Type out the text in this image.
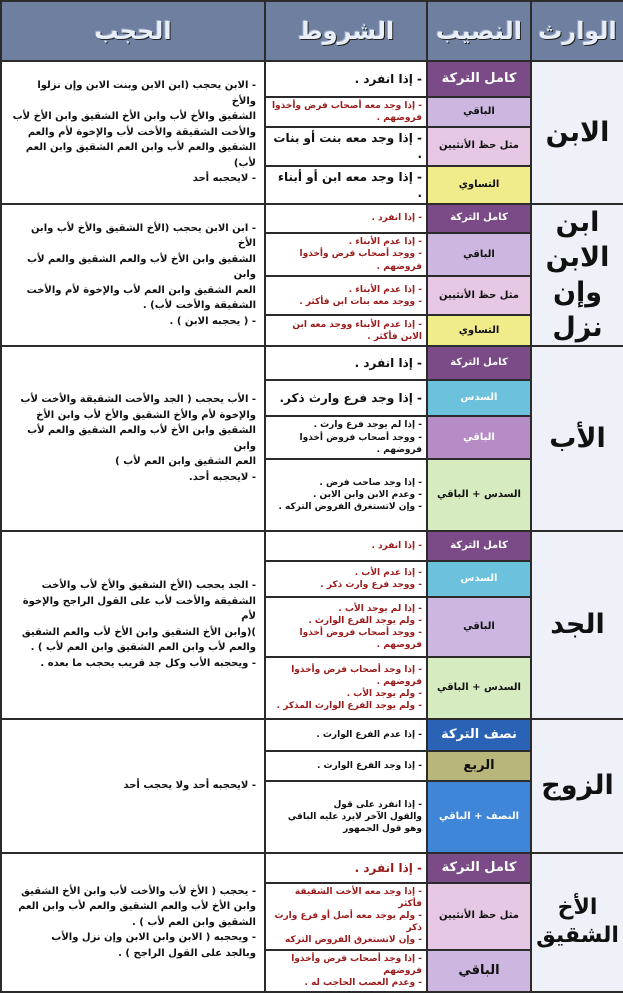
الوارث	النصيب	الشروط	الحجب
الابن	كامل التركة	- إذا انفرد .	- الابن يحجب (ابن الابن وبنت الابن وإن نزلوا والأخ
الشقيق والأخ لأب وابن الأخ الشقيق وابن الأخ لأب
والأخت الشقيقة والأخت لأب والإخوة لأم والعم
الشقيق والعم لأب وابن العم الشقيق وابن العم لأب)
- لايحجبه أحد

	الباقي	- إذا وجد معه أصحاب فرض وأخذوا فروضهم .	

	مثل حظ الأنثيين	- إذا وجد معه بنت أو بنات .	

	التساوي	- إذا وجد معه ابن أو أبناء .	

ابن الابن وإن نزل	كامل التركة	- إذا انفرد .	- ابن الابن يحجب (الأخ الشقيق والأخ لأب وابن الأخ
الشقيق وابن الأخ لأب والعم الشقيق والعم لأب وابن
العم الشقيق وابن العم لأب والإخوة لأم والأخت
الشقيقة والأخت لأب) .
- ( يحجبه الابن ) .

	الباقي	- إذا عدم الأبناء .
- ووجد أصحاب فرض وأخذوا فروضهم .	

	مثل حظ الأنثيين	- إذا عدم الأبناء .
- ووجد معه بنات ابن فأكثر .	

	التساوي	- إذا عدم الأبناء ووجد معه ابن الابن فأكثر .	

الأب	كامل التركة	- إذا انفرد .	- الأب يحجب ( الجد والأخت الشقيقة والأخت لأب
والإخوة لأم والأخ الشقيق والأخ لأب وابن الأخ
الشقيق وابن الأخ لأب والعم الشقيق والعم لأب وابن
العم الشقيق وابن العم لأب )
- لايحجبه أحد.

	السدس	- إذا وجد فرع وارث ذكر.	

	الباقي	- إذا لم يوجد فرع وارث .
- ووجد أصحاب فروض أخذوا فروضهم .	

	السدس + الباقي	- إذا وجد صاحب فرض .
- وعدم الابن وابن الابن .
- وإن لاتستغرق الفروض التركه .	

الجد	كامل التركة	- إذا انفرد .	- الجد يحجب (الأخ الشقيق والأخ لأب والأخت
الشقيقة والأخت لأب على القول الراجح والإخوة لأم
)(وابن الأخ الشقيق وابن الأخ لأب والعم الشقيق
والعم لأب وابن العم الشقيق وابن العم لأب ) .
- ويحجبه الأب وكل جد قريب يحجب ما بعده .

	السدس	- إذا عدم الأب .
- ووجد فرع وارث ذكر .	

	الباقي	- إذا لم يوجد الأب .
- ولم يوجد الفرع الوارث .
- ووجد أصحاب فروض أخذوا فروضهم .	

	السدس + الباقي	- إذا وجد أصحاب فرض وأخذوا فروضهم .
- ولم يوجد الأب .
- ولم يوجد الفرع الوارث المذكر .	

الزوج	نصف التركة	- إذا عدم الفرع الوارث .	- لايحجبه أحد ولا يحجب أحد

	الربع	- إذا وجد الفرع الوارث .	

	النصف + الباقي	- إذا انفرد على قول
والقول الآخر لايرد عليه الباقي
وهو قول الجمهور	

الأخ الشقيق	كامل التركة	- إذا انفرد .	- يحجب ( الأخ لأب والأخت لأب وابن الأخ الشقيق
وابن الأخ لأب والعم الشقيق والعم لأب وابن العم
الشقيق وابن العم لأب ) .
- ويحجبه ( الابن وابن الابن وإن نزل والأب
وبالجد على القول الراجح ) .

	مثل حظ الأنثيين	- إذا وجد معه الأخت الشقيقة فأكثر
- ولم يوجد معه أصل أو فرع وارث ذكر
- وإن لاتستغرق الفروض التركه	

	الباقي	- إذا وجد أصحاب فرض وأخذوا فروضهم
- وعدم العصب الحاجب له .	
